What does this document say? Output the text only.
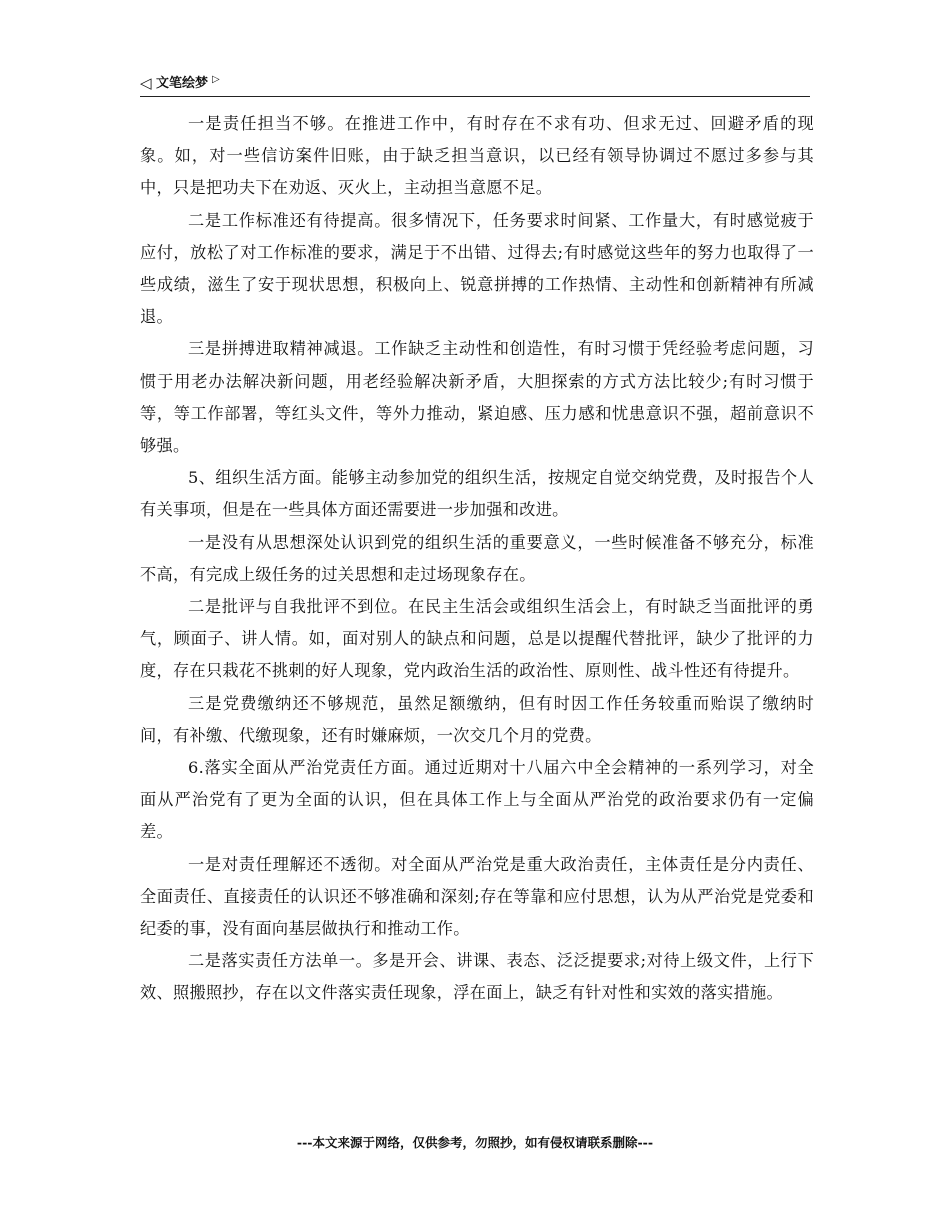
◁ 文笔绘梦 ▷

一是责任担当不够。在推进工作中，有时存在不求有功、但求无过、回避矛盾的现象。如，对一些信访案件旧账，由于缺乏担当意识，以已经有领导协调过不愿过多参与其中，只是把功夫下在劝返、灭火上，主动担当意愿不足。

二是工作标准还有待提高。很多情况下，任务要求时间紧、工作量大，有时感觉疲于应付，放松了对工作标准的要求，满足于不出错、过得去;有时感觉这些年的努力也取得了一些成绩，滋生了安于现状思想，积极向上、锐意拼搏的工作热情、主动性和创新精神有所减退。

三是拼搏进取精神减退。工作缺乏主动性和创造性，有时习惯于凭经验考虑问题，习惯于用老办法解决新问题，用老经验解决新矛盾，大胆探索的方式方法比较少;有时习惯于等，等工作部署，等红头文件，等外力推动，紧迫感、压力感和忧患意识不强，超前意识不够强。

5、组织生活方面。能够主动参加党的组织生活，按规定自觉交纳党费，及时报告个人有关事项，但是在一些具体方面还需要进一步加强和改进。

一是没有从思想深处认识到党的组织生活的重要意义，一些时候准备不够充分，标准不高，有完成上级任务的过关思想和走过场现象存在。

二是批评与自我批评不到位。在民主生活会或组织生活会上，有时缺乏当面批评的勇气，顾面子、讲人情。如，面对别人的缺点和问题，总是以提醒代替批评，缺少了批评的力度，存在只栽花不挑刺的好人现象，党内政治生活的政治性、原则性、战斗性还有待提升。

三是党费缴纳还不够规范，虽然足额缴纳，但有时因工作任务较重而贻误了缴纳时间，有补缴、代缴现象，还有时嫌麻烦，一次交几个月的党费。

6.落实全面从严治党责任方面。通过近期对十八届六中全会精神的一系列学习，对全面从严治党有了更为全面的认识，但在具体工作上与全面从严治党的政治要求仍有一定偏差。

一是对责任理解还不透彻。对全面从严治党是重大政治责任，主体责任是分内责任、全面责任、直接责任的认识还不够准确和深刻;存在等靠和应付思想，认为从严治党是党委和纪委的事，没有面向基层做执行和推动工作。

二是落实责任方法单一。多是开会、讲课、表态、泛泛提要求;对待上级文件，上行下效、照搬照抄，存在以文件落实责任现象，浮在面上，缺乏有针对性和实效的落实措施。

---本文来源于网络，仅供参考，勿照抄，如有侵权请联系删除---
